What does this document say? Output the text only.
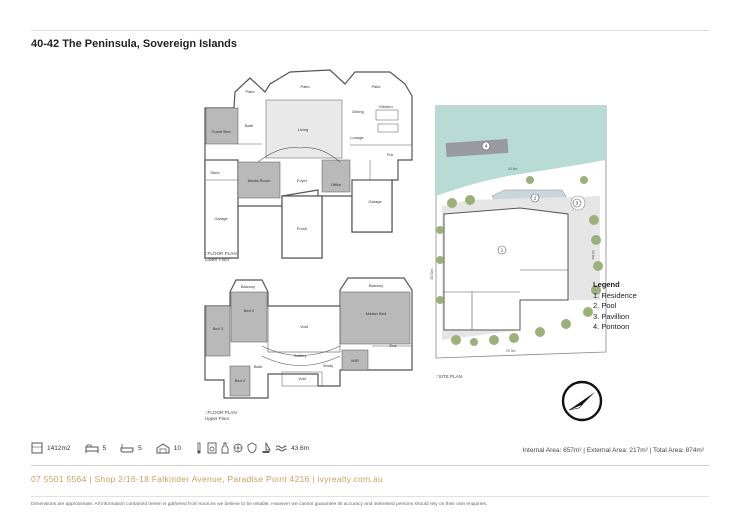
40-42 The Peninsula, Sovereign Islands
1
2
3
4
43.6m
38.52m
34.8m
29.3m
Patio
Patio	Patio
Dining
Kitchen
Living
Lounge
Guest Bed
Bath
Store
Media Room	Foyer
Office
Garage
Garage
Porch
Pdr
Balcony	Balcony
Bed 2
Bed 3
Bed 4
Void
Void
Master Bed
Gallery
Ens
WIR
Study
Bath
::FLOOR PLAN
Lower Floor
::FLOOR PLAN
Upper Floor
::SITE PLAN
Legend
1. Residence
2. Pool
3. Pavillion
4. Pontoon
1412m2	5	5	10	43.6m	Internal Area: 657m² | External Area: 217m² | Total Area: 874m²
07 5501 5564 | Shop 2/16-18 Falkinder Avenue, Paradise Point 4216 | ivyrealty.com.au
Dimensions are approximate. All information contained herein is gathered from sources we believe to be reliable. However we cannot guarantee its accuracy and interested persons should rely on their own enquiries.
